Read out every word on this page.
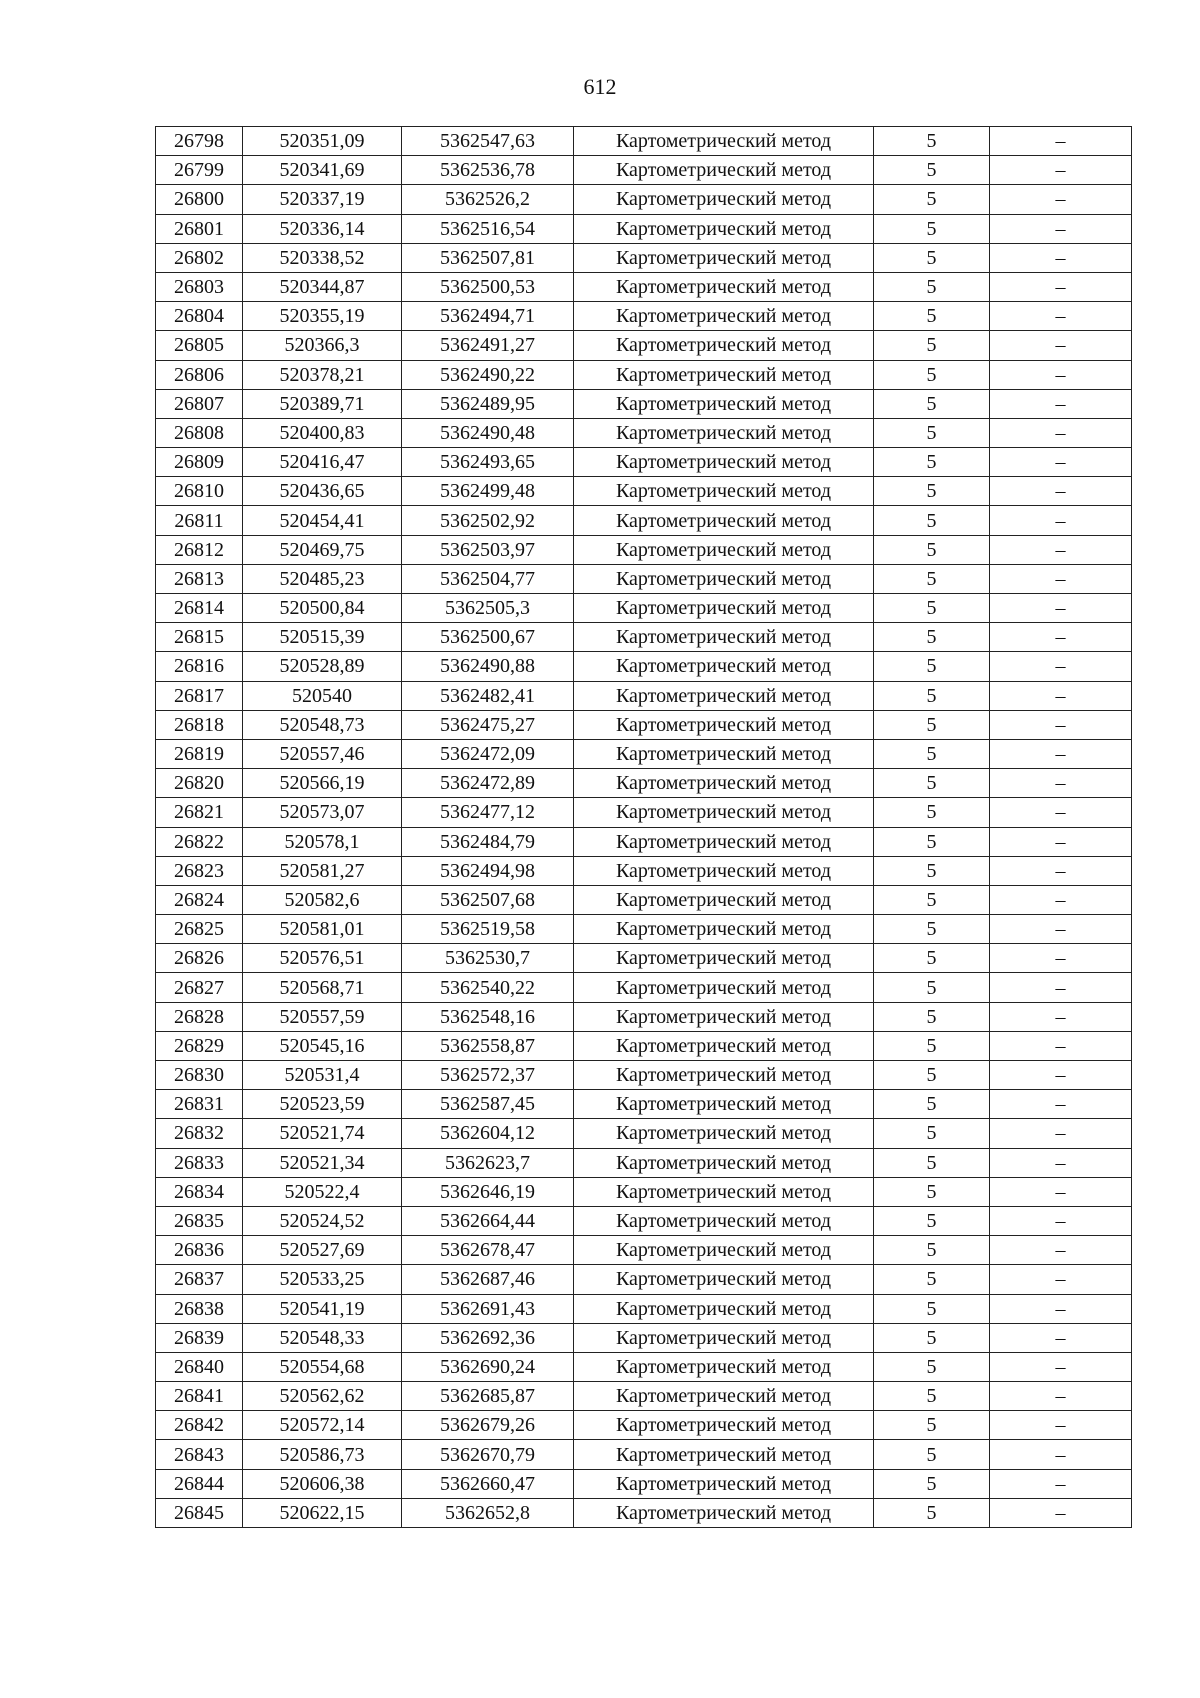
612
26798	520351,09	5362547,63	Картометрический метод	5	–
26799	520341,69	5362536,78	Картометрический метод	5	–
26800	520337,19	5362526,2	Картометрический метод	5	–
26801	520336,14	5362516,54	Картометрический метод	5	–
26802	520338,52	5362507,81	Картометрический метод	5	–
26803	520344,87	5362500,53	Картометрический метод	5	–
26804	520355,19	5362494,71	Картометрический метод	5	–
26805	520366,3	5362491,27	Картометрический метод	5	–
26806	520378,21	5362490,22	Картометрический метод	5	–
26807	520389,71	5362489,95	Картометрический метод	5	–
26808	520400,83	5362490,48	Картометрический метод	5	–
26809	520416,47	5362493,65	Картометрический метод	5	–
26810	520436,65	5362499,48	Картометрический метод	5	–
26811	520454,41	5362502,92	Картометрический метод	5	–
26812	520469,75	5362503,97	Картометрический метод	5	–
26813	520485,23	5362504,77	Картометрический метод	5	–
26814	520500,84	5362505,3	Картометрический метод	5	–
26815	520515,39	5362500,67	Картометрический метод	5	–
26816	520528,89	5362490,88	Картометрический метод	5	–
26817	520540	5362482,41	Картометрический метод	5	–
26818	520548,73	5362475,27	Картометрический метод	5	–
26819	520557,46	5362472,09	Картометрический метод	5	–
26820	520566,19	5362472,89	Картометрический метод	5	–
26821	520573,07	5362477,12	Картометрический метод	5	–
26822	520578,1	5362484,79	Картометрический метод	5	–
26823	520581,27	5362494,98	Картометрический метод	5	–
26824	520582,6	5362507,68	Картометрический метод	5	–
26825	520581,01	5362519,58	Картометрический метод	5	–
26826	520576,51	5362530,7	Картометрический метод	5	–
26827	520568,71	5362540,22	Картометрический метод	5	–
26828	520557,59	5362548,16	Картометрический метод	5	–
26829	520545,16	5362558,87	Картометрический метод	5	–
26830	520531,4	5362572,37	Картометрический метод	5	–
26831	520523,59	5362587,45	Картометрический метод	5	–
26832	520521,74	5362604,12	Картометрический метод	5	–
26833	520521,34	5362623,7	Картометрический метод	5	–
26834	520522,4	5362646,19	Картометрический метод	5	–
26835	520524,52	5362664,44	Картометрический метод	5	–
26836	520527,69	5362678,47	Картометрический метод	5	–
26837	520533,25	5362687,46	Картометрический метод	5	–
26838	520541,19	5362691,43	Картометрический метод	5	–
26839	520548,33	5362692,36	Картометрический метод	5	–
26840	520554,68	5362690,24	Картометрический метод	5	–
26841	520562,62	5362685,87	Картометрический метод	5	–
26842	520572,14	5362679,26	Картометрический метод	5	–
26843	520586,73	5362670,79	Картометрический метод	5	–
26844	520606,38	5362660,47	Картометрический метод	5	–
26845	520622,15	5362652,8	Картометрический метод	5	–
